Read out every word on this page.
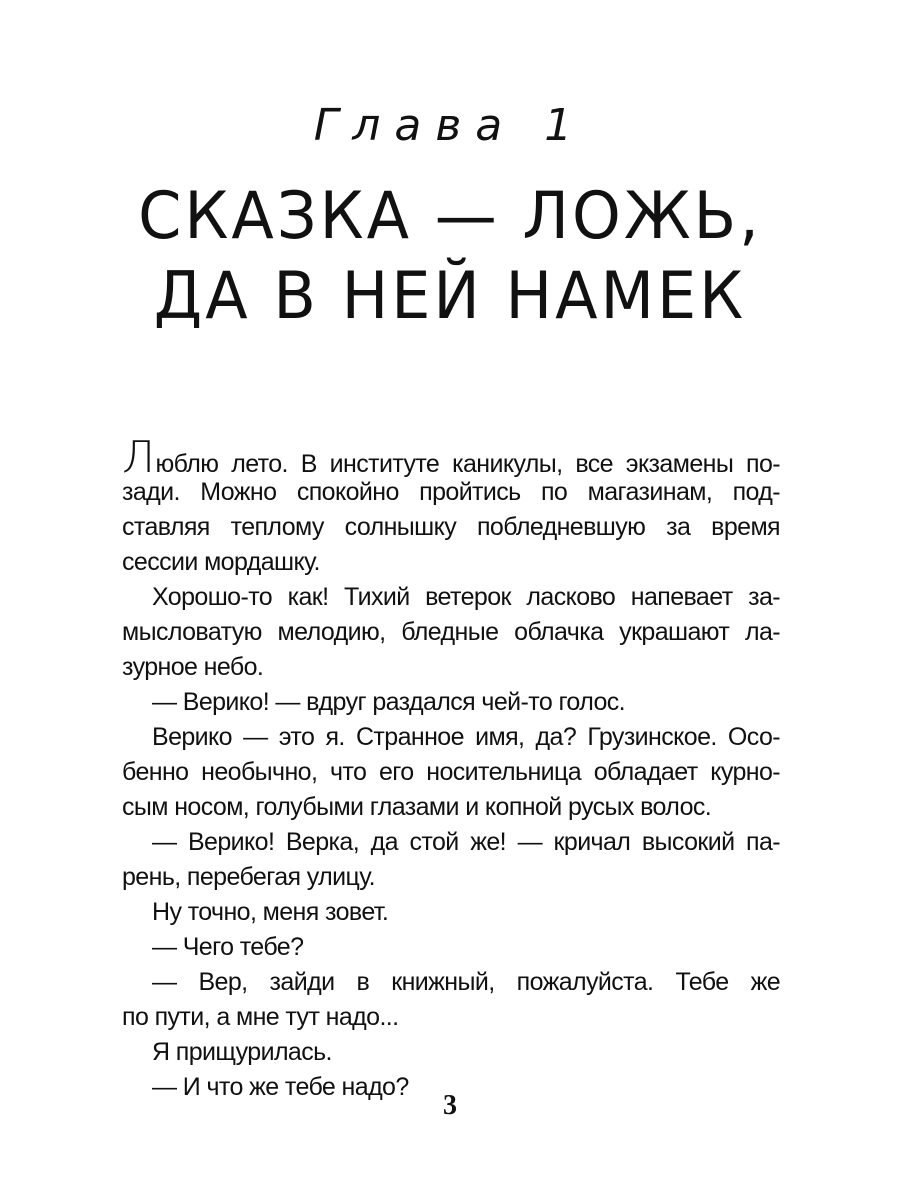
Глава 1
СКАЗКА — ЛОЖЬ,
ДА В НЕЙ НАМЕК
Люблю лето. В институте каникулы, все экзамены по-
зади. Можно спокойно пройтись по магазинам, под-
ставляя теплому солнышку побледневшую за время
сессии мордашку.
Хорошо-то как! Тихий ветерок ласково напевает за-
мысловатую мелодию, бледные облачка украшают ла-
зурное небо.
— Верико! — вдруг раздался чей-то голос.
Верико — это я. Странное имя, да? Грузинское. Осо-
бенно необычно, что его носительница обладает курно-
сым носом, голубыми глазами и копной русых волос.
— Верико! Верка, да стой же! — кричал высокий па-
рень, перебегая улицу.
Ну точно, меня зовет.
— Чего тебе?
— Вер, зайди в книжный, пожалуйста. Тебе же
по пути, а мне тут надо...
Я прищурилась.
— И что же тебе надо?
3
